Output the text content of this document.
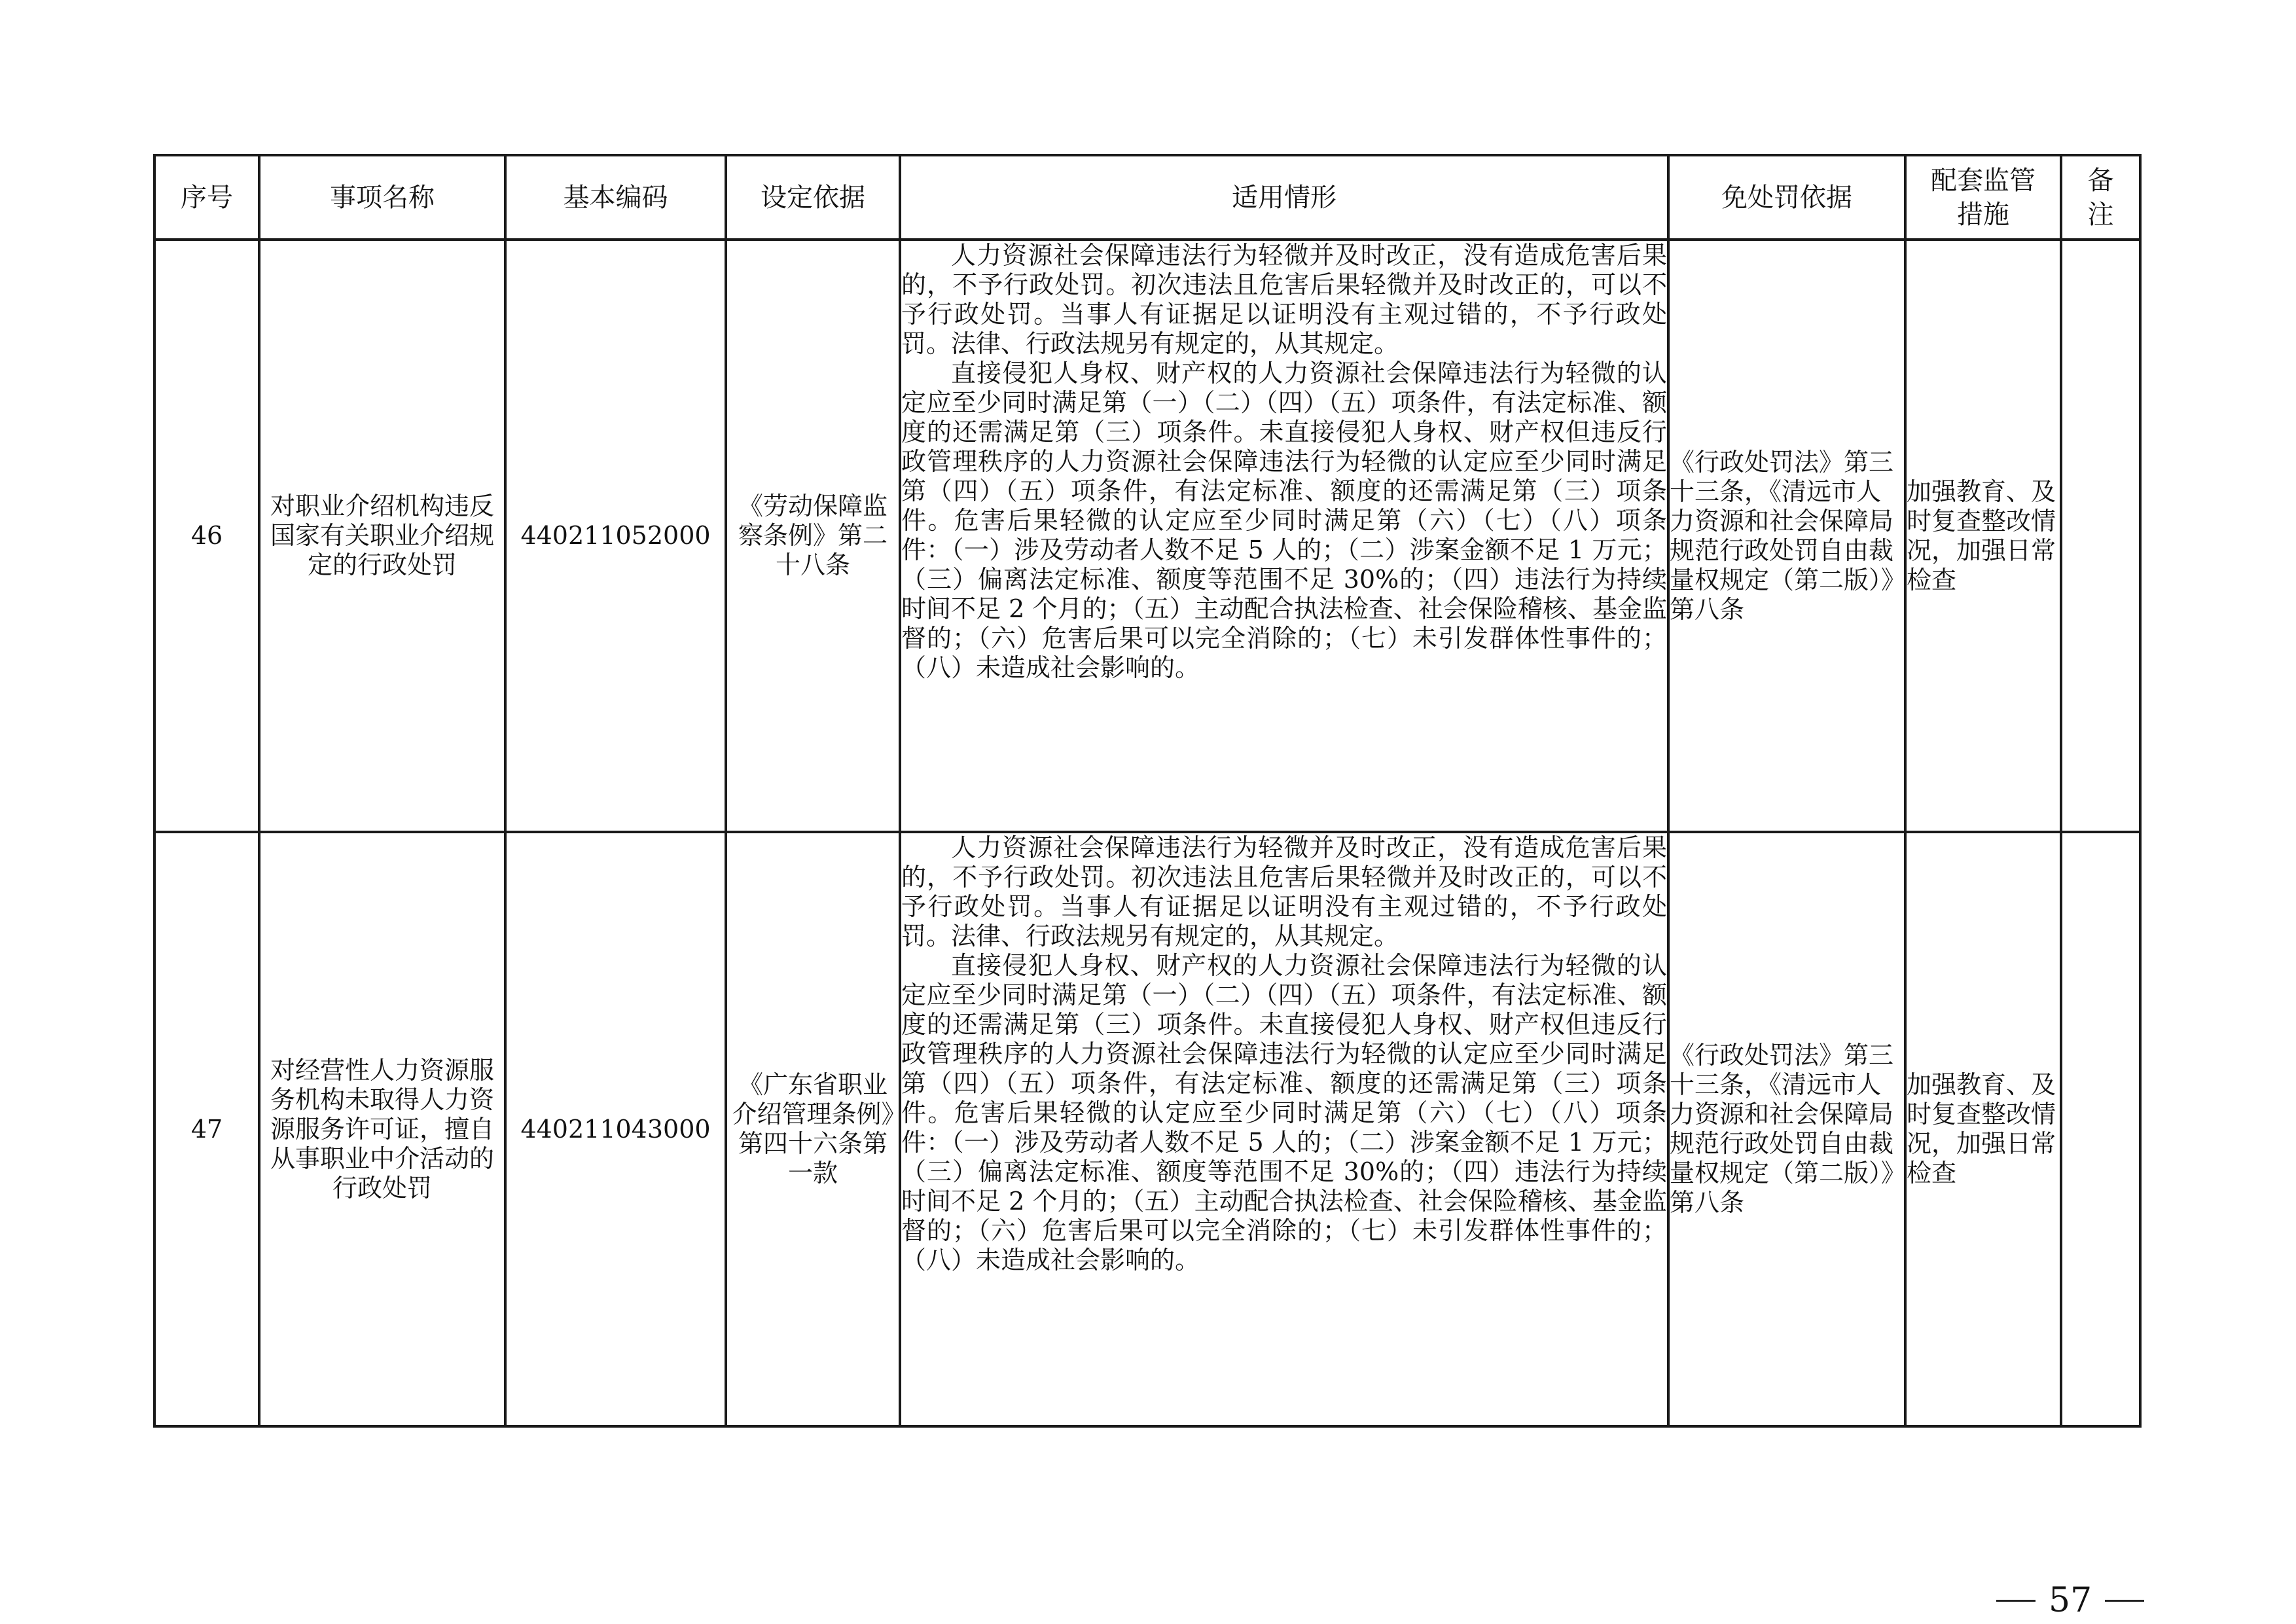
序号	事项名称	基本编码	设定依据	适用情形	免处罚依据	配套监管措施	备注
46	对职业介绍机构违反国家有关职业介绍规定的行政处罚	440211052000	《劳动保障监察条例》第二十八条	人力资源社会保障违法行为轻微并及时改正，没有造成危害后果的，不予行政处罚。初次违法且危害后果轻微并及时改正的，可以不予行政处罚。当事人有证据足以证明没有主观过错的，不予行政处罚。法律、行政法规另有规定的，从其规定。

直接侵犯人身权、财产权的人力资源社会保障违法行为轻微的认定应至少同时满足第（一）（二）（四）（五）项条件，有法定标准、额度的还需满足第（三）项条件。未直接侵犯人身权、财产权但违反行政管理秩序的人力资源社会保障违法行为轻微的认定应至少同时满足第（四）（五）项条件，有法定标准、额度的还需满足第（三）项条件。危害后果轻微的认定应至少同时满足第（六）（七）（八）项条件：（一）涉及劳动者人数不足 5 人的；（二）涉案金额不足 1 万元；（三）偏离法定标准、额度等范围不足 30%的；（四）违法行为持续时间不足 2 个月的；（五）主动配合执法检查、社会保险稽核、基金监督的；（六）危害后果可以完全消除的；（七）未引发群体性事件的；（八）未造成社会影响的。	《行政处罚法》第三十三条，《清远市人力资源和社会保障局规范行政处罚自由裁量权规定（第二版）》第八条	加强教育、及时复查整改情况，加强日常检查	
47	对经营性人力资源服务机构未取得人力资源服务许可证，擅自从事职业中介活动的行政处罚	440211043000	《广东省职业介绍管理条例》第四十六条第一款	人力资源社会保障违法行为轻微并及时改正，没有造成危害后果的，不予行政处罚。初次违法且危害后果轻微并及时改正的，可以不予行政处罚。当事人有证据足以证明没有主观过错的，不予行政处罚。法律、行政法规另有规定的，从其规定。

直接侵犯人身权、财产权的人力资源社会保障违法行为轻微的认定应至少同时满足第（一）（二）（四）（五）项条件，有法定标准、额度的还需满足第（三）项条件。未直接侵犯人身权、财产权但违反行政管理秩序的人力资源社会保障违法行为轻微的认定应至少同时满足第（四）（五）项条件，有法定标准、额度的还需满足第（三）项条件。危害后果轻微的认定应至少同时满足第（六）（七）（八）项条件：（一）涉及劳动者人数不足 5 人的；（二）涉案金额不足 1 万元；（三）偏离法定标准、额度等范围不足 30%的；（四）违法行为持续时间不足 2 个月的；（五）主动配合执法检查、社会保险稽核、基金监督的；（六）危害后果可以完全消除的；（七）未引发群体性事件的；（八）未造成社会影响的。	《行政处罚法》第三十三条，《清远市人力资源和社会保障局规范行政处罚自由裁量权规定（第二版）》第八条	加强教育、及时复查整改情况，加强日常检查	
57
